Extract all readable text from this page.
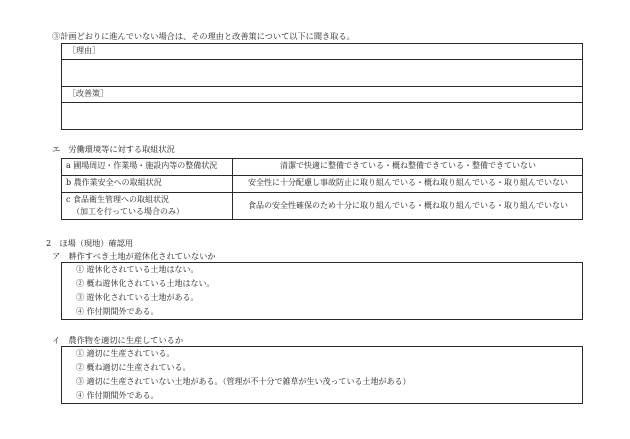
③計画どおりに進んでいない場合は、その理由と改善策について以下に聞き取る。
［理由］
［改善策］
エ　労働環境等に対する取組状況
a 圃場周辺・作業場・施設内等の整備状況	清潔で快適に整備できている・概ね整備できている・整備できていない
b 農作業安全への取組状況	安全性に十分配慮し事故防止に取り組んでいる・概ね取り組んでいる・取り組んでいない
c 食品衛生管理への取組状況
（加工を行っている場合のみ）
食品の安全性確保のため十分に取り組んでいる・概ね取り組んでいる・取り組んでいない
2　ほ場（現地）確認用
ア　耕作すべき土地が遊休化されていないか
① 遊休化されている土地はない。
② 概ね遊休化されている土地はない。
③ 遊休化されている土地がある。
④ 作付期間外である。
イ　農作物を適切に生産しているか
① 適切に生産されている。
② 概ね適切に生産されている。
③ 適切に生産されていない土地がある。（管理が不十分で雑草が生い茂っている土地がある）
④ 作付期間外である。
